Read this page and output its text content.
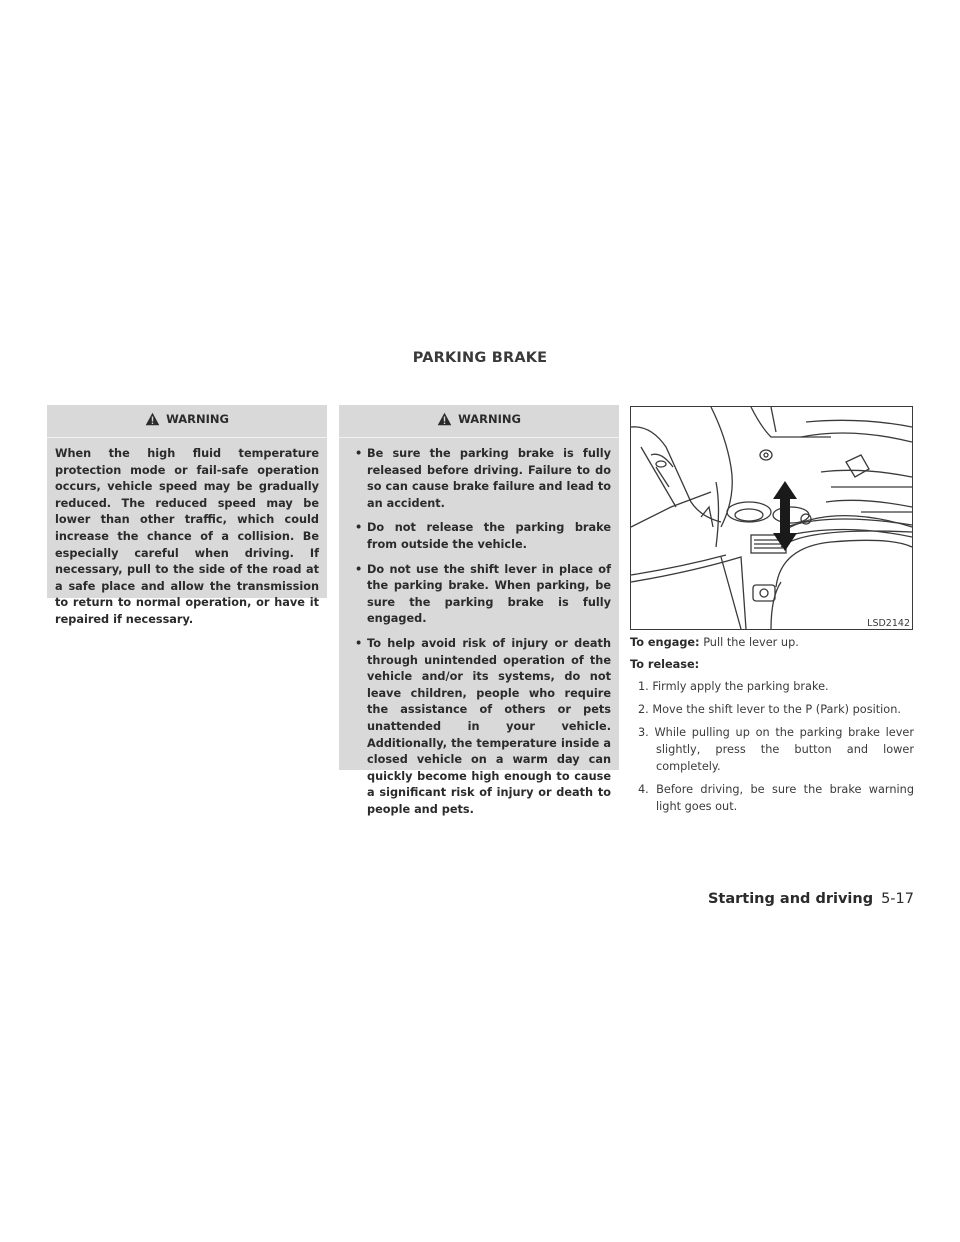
PARKING BRAKE
WARNING
When the high fluid temperature protection mode or fail-safe operation occurs, vehicle speed may be gradually reduced. The reduced speed may be lower than other traffic, which could increase the chance of a collision. Be especially careful when driving. If necessary, pull to the side of the road at a safe place and allow the transmission to return to normal operation, or have it repaired if necessary.
WARNING
• Be sure the parking brake is fully released before driving. Failure to do so can cause brake failure and lead to an accident.
• Do not release the parking brake from outside the vehicle.
• Do not use the shift lever in place of the parking brake. When parking, be sure the parking brake is fully engaged.
• To help avoid risk of injury or death through unintended operation of the vehicle and/or its systems, do not leave children, people who require the assistance of others or pets unattended in your vehicle. Additionally, the temperature inside a closed vehicle on a warm day can quickly become high enough to cause a significant risk of injury or death to people and pets.
LSD2142

To engage: Pull the lever up.

To release:

1. Firmly apply the parking brake.
2. Move the shift lever to the P (Park) position.
3. While pulling up on the parking brake lever slightly, press the button and lower completely.
4. Before driving, be sure the brake warning light goes out.
Starting and driving 5-17
